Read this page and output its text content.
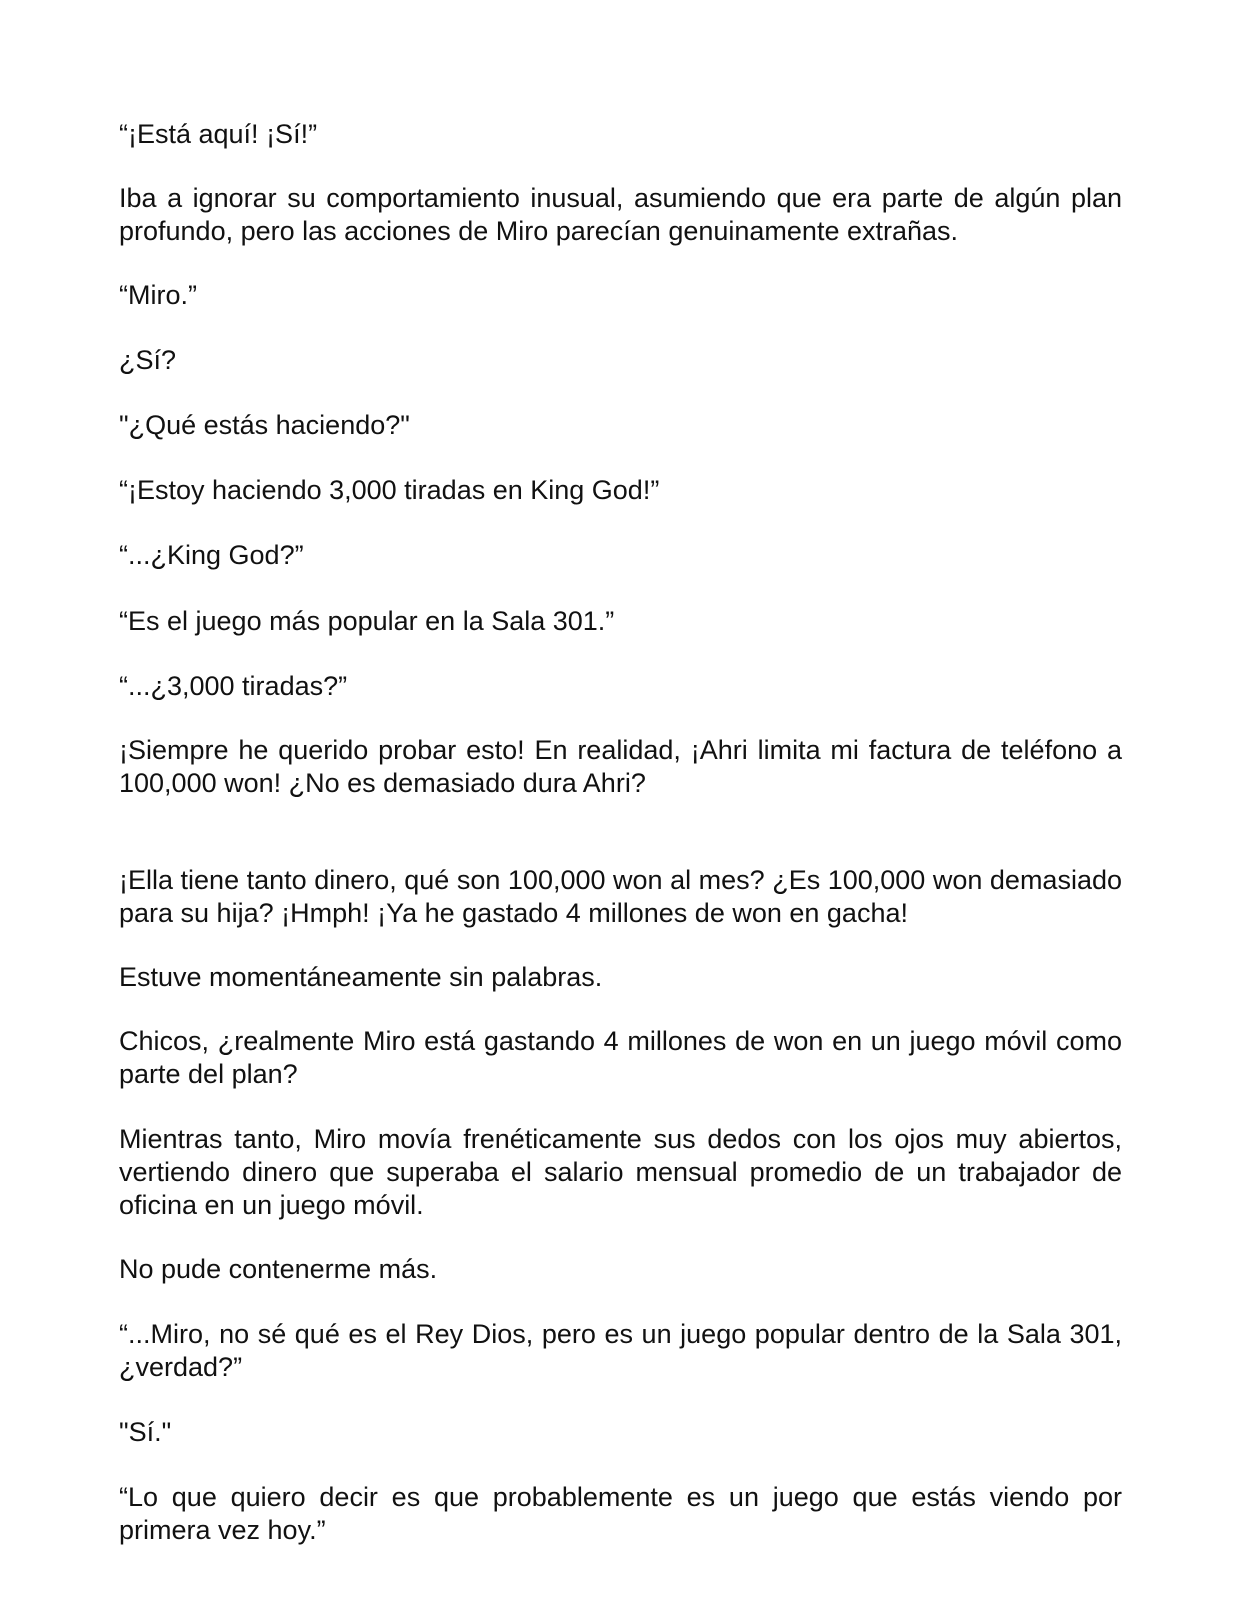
“¡Está aquí! ¡Sí!”

Iba a ignorar su comportamiento inusual, asumiendo que era parte de algún plan profundo, pero las acciones de Miro parecían genuinamente extrañas.

“Miro.”

¿Sí?

"¿Qué estás haciendo?"

“¡Estoy haciendo 3,000 tiradas en King God!”

“...¿King God?”

“Es el juego más popular en la Sala 301.”

“...¿3,000 tiradas?”

¡Siempre he querido probar esto! En realidad, ¡Ahri limita mi factura de teléfono a 100,000 won! ¿No es demasiado dura Ahri?

¡Ella tiene tanto dinero, qué son 100,000 won al mes? ¿Es 100,000 won demasiado para su hija? ¡Hmph! ¡Ya he gastado 4 millones de won en gacha!

Estuve momentáneamente sin palabras.

Chicos, ¿realmente Miro está gastando 4 millones de won en un juego móvil como parte del plan?

Mientras tanto, Miro movía frenéticamente sus dedos con los ojos muy abiertos, vertiendo dinero que superaba el salario mensual promedio de un trabajador de oficina en un juego móvil.

No pude contenerme más.

“...Miro, no sé qué es el Rey Dios, pero es un juego popular dentro de la Sala 301, ¿verdad?”

"Sí."

“Lo que quiero decir es que probablemente es un juego que estás viendo por primera vez hoy.”
